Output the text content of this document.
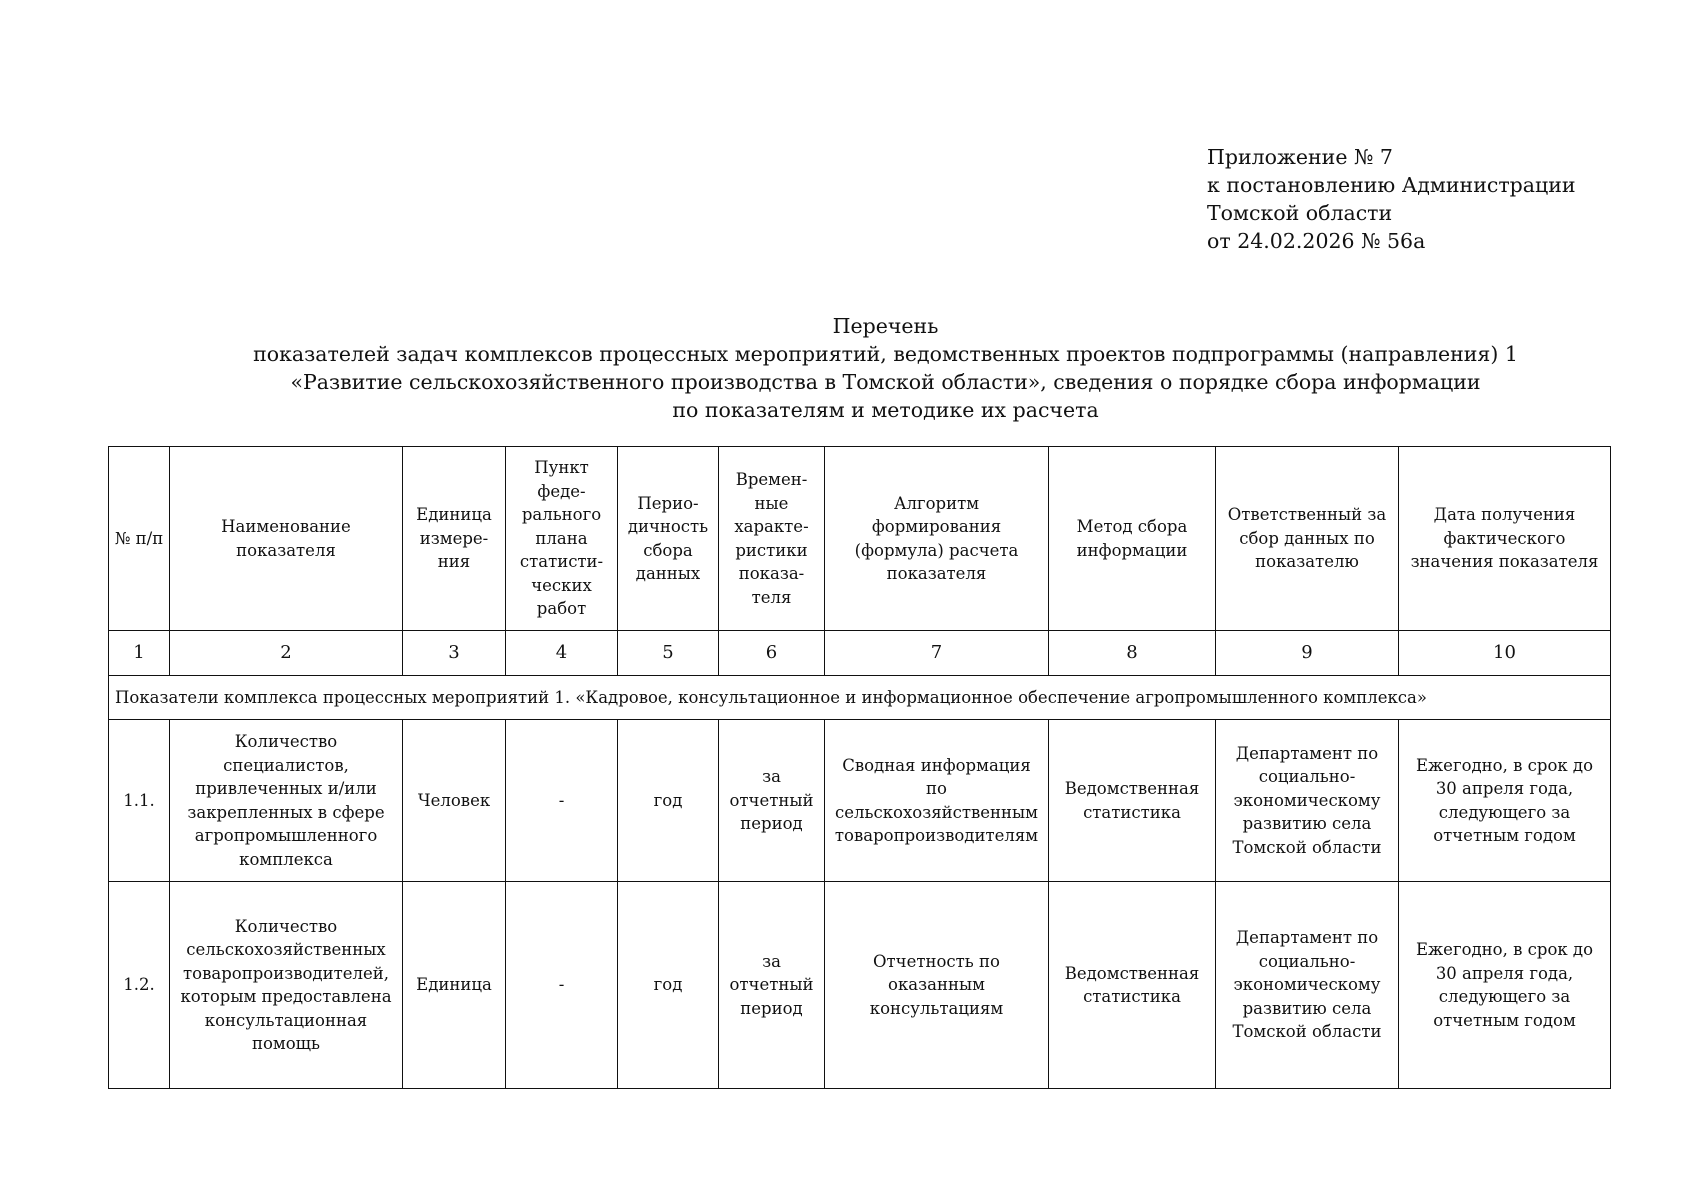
Приложение № 7
к постановлению Администрации
Томской области
от 24.02.2026 № 56а
Перечень
показателей задач комплексов процессных мероприятий, ведомственных проектов подпрограммы (направления) 1
«Развитие сельскохозяйственного производства в Томской области», сведения о порядке сбора информации
по показателям и методике их расчета
№ п/п	Наименование показателя	Единица измере-ния	Пункт феде-рального плана статисти-ческих работ	Перио-дичность сбора данных	Времен-ные характе-ристики показа-теля	Алгоритм формирования (формула) расчета показателя	Метод сбора информации	Ответственный за сбор данных по показателю	Дата получения фактического значения показателя
1	2	3	4	5	6	7	8	9	10
Показатели комплекса процессных мероприятий 1. «Кадровое, консультационное и информационное обеспечение агропромышленного комплекса»									
1.1.	Количество специалистов, привлеченных и/или закрепленных в сфере агропромышленного комплекса	Человек	-	год	за отчетный период	Сводная информация по сельскохозяйственным товаропроизводителям	Ведомственная статистика	Департамент по социально-экономическому развитию села Томской области	Ежегодно, в срок до 30 апреля года, следующего за отчетным годом
1.2.	Количество сельскохозяйственных товаропроизводителей, которым предоставлена консультационная помощь	Единица	-	год	за отчетный период	Отчетность по оказанным консультациям	Ведомственная статистика	Департамент по социально-экономическому развитию села Томской области	Ежегодно, в срок до 30 апреля года, следующего за отчетным годом
